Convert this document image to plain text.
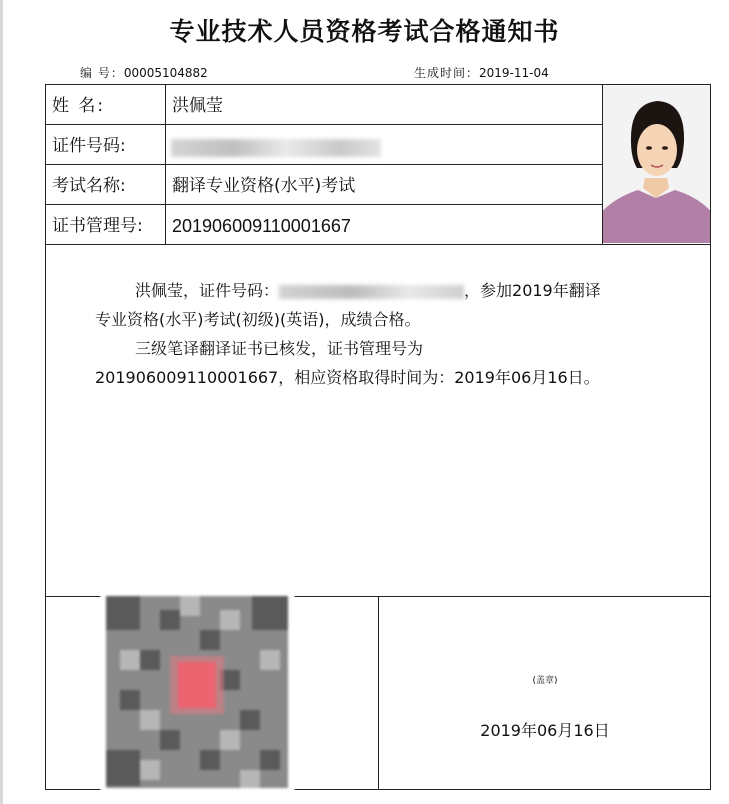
专业技术人员资格考试合格通知书
编 号：00005104882	生成时间：2019-11-04
姓 名:
证件号码:
考试名称:
证书管理号:
洪佩莹
翻译专业资格(水平)考试
201906009110001667

洪佩莹，证件号码：	，参加2019年翻译

专业资格(水平)考试(初级)(英语)，成绩合格。

三级笔译翻译证书已核发，证书管理号为

201906009110001667，相应资格取得时间为：2019年06月16日。

(盖章)
2019年06月16日
